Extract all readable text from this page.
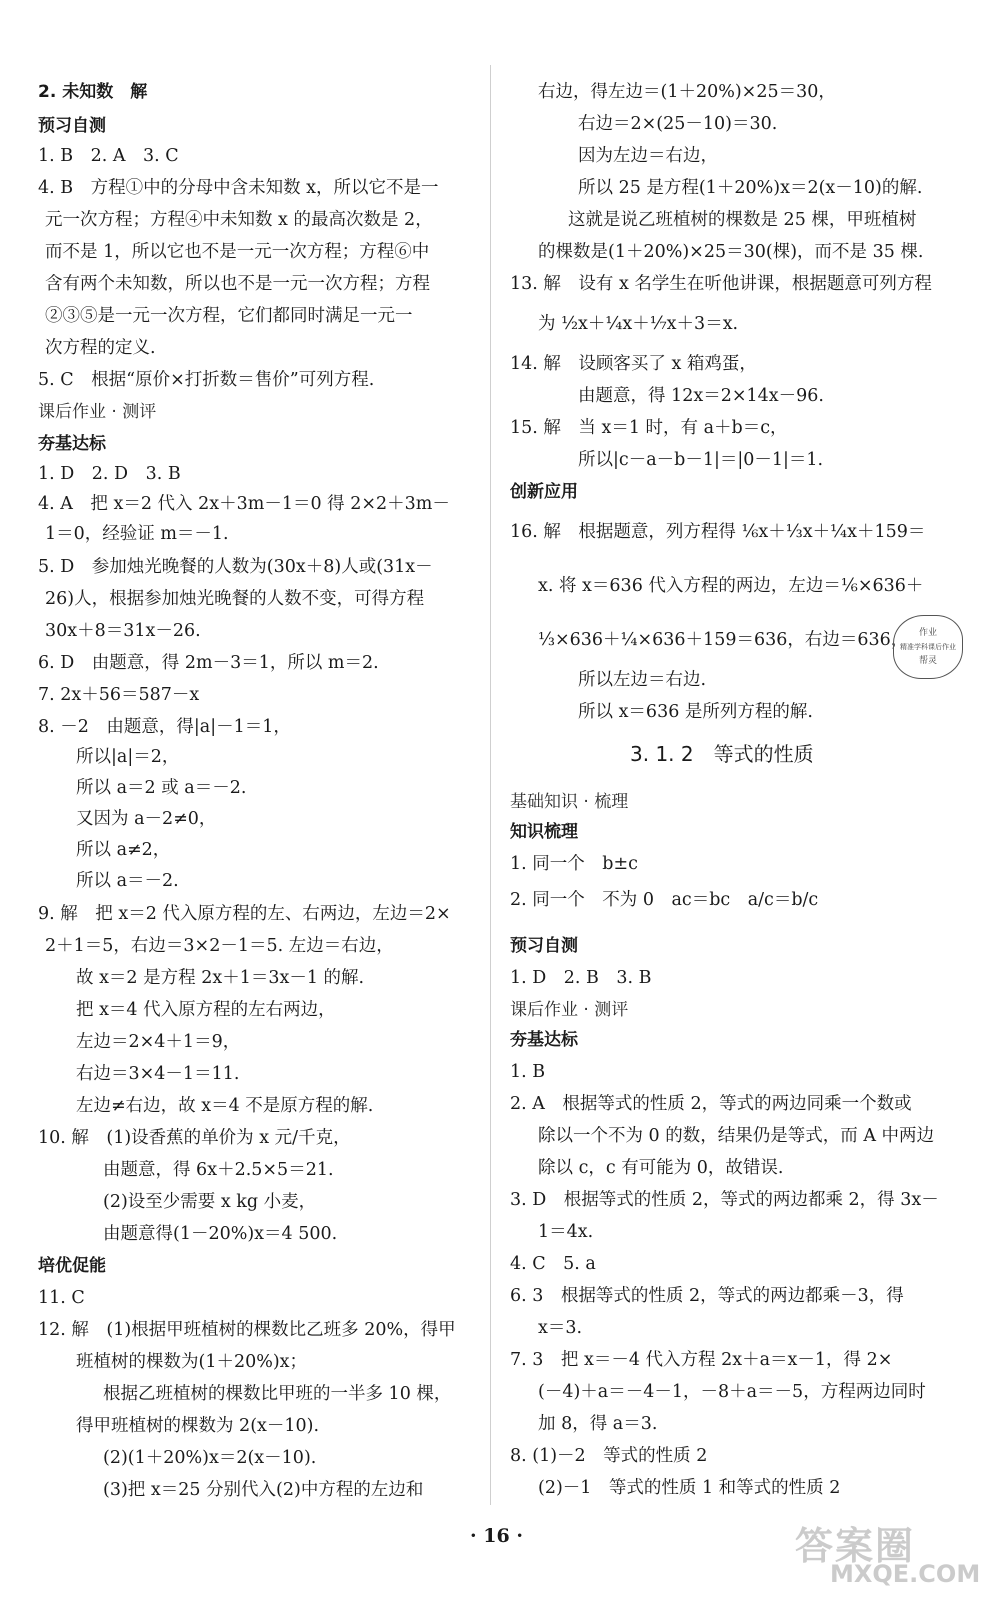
2. 未知数　解
预习自测
1. B　2. A　3. C
4. B　方程①中的分母中含未知数 x，所以它不是一
元一次方程；方程④中未知数 x 的最高次数是 2，
而不是 1，所以它也不是一元一次方程；方程⑥中
含有两个未知数，所以也不是一元一次方程；方程
②③⑤是一元一次方程，它们都同时满足一元一
次方程的定义.
5. C　根据“原价×打折数＝售价”可列方程.
课后作业 · 测评
夯基达标
1. D　2. D　3. B
4. A　把 x＝2 代入 2x＋3m－1＝0 得 2×2＋3m－
1＝0，经验证 m＝－1.
5. D　参加烛光晚餐的人数为(30x＋8)人或(31x－
26)人，根据参加烛光晚餐的人数不变，可得方程
30x＋8＝31x－26.
6. D　由题意，得 2m－3＝1，所以 m＝2.
7. 2x＋56＝587－x
8. －2　由题意，得|a|－1＝1，
所以|a|＝2，
所以 a＝2 或 a＝－2.
又因为 a－2≠0，
所以 a≠2，
所以 a＝－2.
9. 解　把 x＝2 代入原方程的左、右两边，左边＝2×
2＋1＝5，右边＝3×2－1＝5. 左边＝右边，
故 x＝2 是方程 2x＋1＝3x－1 的解.
把 x＝4 代入原方程的左右两边，
左边＝2×4＋1＝9，
右边＝3×4－1＝11.
左边≠右边，故 x＝4 不是原方程的解.
10. 解　(1)设香蕉的单价为 x 元/千克，
由题意，得 6x＋2.5×5＝21.
(2)设至少需要 x kg 小麦，
由题意得(1－20%)x＝4 500.
培优促能
11. C
12. 解　(1)根据甲班植树的棵数比乙班多 20%，得甲
班植树的棵数为(1＋20%)x；
根据乙班植树的棵数比甲班的一半多 10 棵，
得甲班植树的棵数为 2(x－10).
(2)(1＋20%)x＝2(x－10).
(3)把 x＝25 分别代入(2)中方程的左边和
右边，得左边＝(1＋20%)×25＝30，
右边＝2×(25－10)＝30.
因为左边＝右边，
所以 25 是方程(1＋20%)x＝2(x－10)的解.
这就是说乙班植树的棵数是 25 棵，甲班植树
的棵数是(1＋20%)×25＝30(棵)，而不是 35 棵.
13. 解　设有 x 名学生在听他讲课，根据题意可列方程
为 ½x＋¼x＋⅐x＋3＝x.
14. 解　设顾客买了 x 箱鸡蛋，
由题意，得 12x＝2×14x－96.
15. 解　当 x＝1 时，有 a＋b＝c，
所以|c－a－b－1|＝|0－1|＝1.
创新应用
16. 解　根据题意，列方程得 ⅙x＋⅓x＋¼x＋159＝
x. 将 x＝636 代入方程的两边，左边＝⅙×636＋
⅓×636＋¼×636＋159＝636，右边＝636，
所以左边＝右边.
所以 x＝636 是所列方程的解.
3. 1. 2　等式的性质
基础知识 · 梳理
知识梳理
1. 同一个　b±c
2. 同一个　不为 0　ac＝bc　a/c＝b/c
预习自测
1. D　2. B　3. B
课后作业 · 测评
夯基达标
1. B
2. A　根据等式的性质 2，等式的两边同乘一个数或
除以一个不为 0 的数，结果仍是等式，而 A 中两边
除以 c，c 有可能为 0，故错误.
3. D　根据等式的性质 2，等式的两边都乘 2，得 3x－
1＝4x.
4. C　5. a
6. 3　根据等式的性质 2，等式的两边都乘－3，得
x＝3.
7. 3　把 x＝－4 代入方程 2x＋a＝x－1，得 2×
(－4)＋a＝－4－1，－8＋a＝－5，方程两边同时
加 8，得 a＝3.
8. (1)－2　等式的性质 2
(2)－1　等式的性质 1 和等式的性质 2
作业
精准学科课后作业
帮灵
· 16 ·	答案圈
MXQE.COM
